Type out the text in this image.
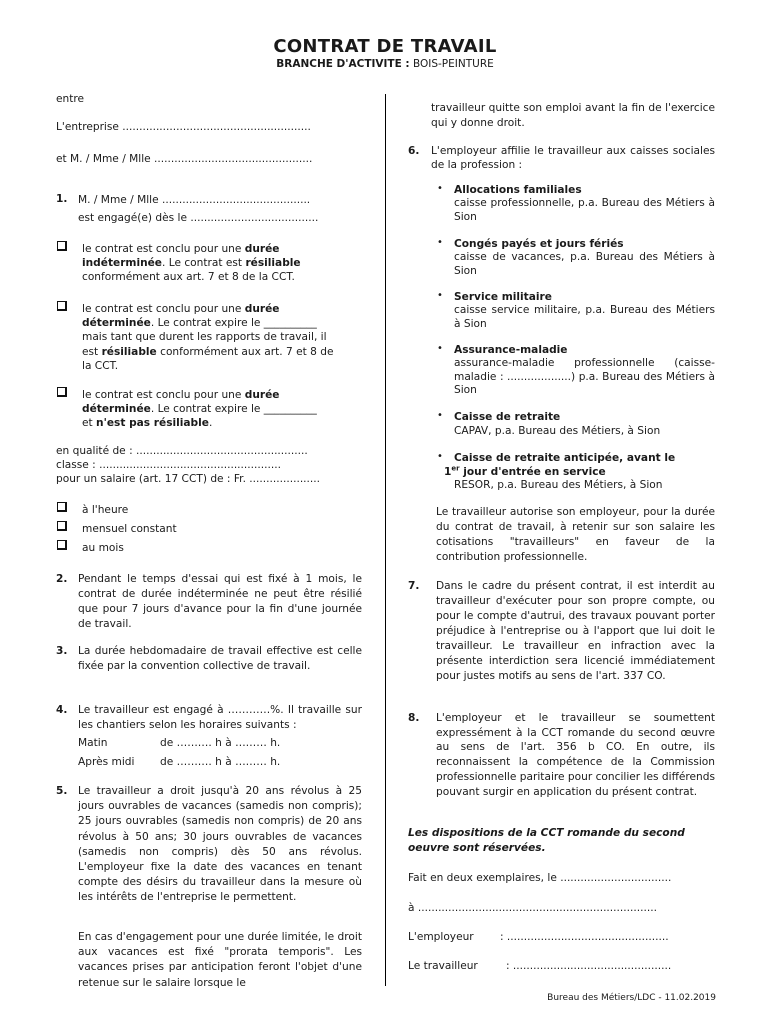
CONTRAT DE TRAVAIL
BRANCHE D'ACTIVITE : BOIS-PEINTURE
entre
L'entreprise ........................................................
et M. / Mme / Mlle ...............................................
1. M. / Mme / Mlle ............................................
est engagé(e) dès le ......................................
le contrat est conclu pour une durée
indéterminée. Le contrat est résiliable
conformément aux art. 7 et 8 de la CCT.
le contrat est conclu pour une durée
déterminée. Le contrat expire le __________
mais tant que durent les rapports de travail, il
est résiliable conformément aux art. 7 et 8 de
la CCT.
le contrat est conclu pour une durée
déterminée. Le contrat expire le __________
et n'est pas résiliable.
en qualité de : ...................................................
classe : ......................................................
pour un salaire (art. 17 CCT) de : Fr. .....................
à l'heure
mensuel constant
au mois
2. Pendant le temps d'essai qui est fixé à 1 mois, le contrat de durée indéterminée ne peut être résilié que pour 7 jours d'avance pour la fin d'une journée de travail.
3. La durée hebdomadaire de travail effective est celle fixée par la convention collective de travail.
4. Le travailleur est engagé à …………%. Il travaille sur les chantiers selon les horaires suivants :
Matin	de ………. h à ……… h.
Après midi de ………. h à ……… h.
5. Le travailleur a droit jusqu'à 20 ans révolus à 25 jours ouvrables de vacances (samedis non compris); 25 jours ouvrables (samedis non compris) de 20 ans révolus à 50 ans; 30 jours ouvrables de vacances (samedis non compris) dès 50 ans révolus. L'employeur fixe la date des vacances en tenant compte des désirs du travailleur dans la mesure où les intérêts de l'entreprise le permettent.
En cas d'engagement pour une durée limitée, le droit aux vacances est fixé "prorata temporis". Les vacances prises par anticipation feront l'objet d'une retenue sur le salaire lorsque le
travailleur quitte son emploi avant la fin de l'exercice qui y donne droit.
6. L'employeur affilie le travailleur aux caisses sociales de la profession :
• Allocations familiales
caisse professionnelle, p.a. Bureau des Métiers à Sion
• Congés payés et jours fériés
caisse de vacances, p.a. Bureau des Métiers à Sion
• Service militaire
caisse service militaire, p.a. Bureau des Métiers à Sion
• Assurance-maladie
assurance-maladie professionnelle (caisse-maladie : ...................) p.a. Bureau des Métiers à Sion
• Caisse de retraite
CAPAV, p.a. Bureau des Métiers, à Sion
• Caisse de retraite anticipée, avant le
1er jour d'entrée en service
RESOR, p.a. Bureau des Métiers, à Sion
Le travailleur autorise son employeur, pour la durée du contrat de travail, à retenir sur son salaire les cotisations "travailleurs" en faveur de la contribution professionnelle.
7. Dans le cadre du présent contrat, il est interdit au travailleur d'exécuter pour son propre compte, ou pour le compte d'autrui, des travaux pouvant porter préjudice à l'entreprise ou à l'apport que lui doit le travailleur. Le travailleur en infraction avec la présente interdiction sera licencié immédiatement pour justes motifs au sens de l'art. 337 CO.
8. L'employeur et le travailleur se soumettent expressément à la CCT romande du second œuvre au sens de l'art. 356 b CO. En outre, ils reconnaissent la compétence de la Commission professionnelle paritaire pour concilier les différends pouvant surgir en application du présent contrat.
Les dispositions de la CCT romande du second oeuvre sont réservées.
Fait en deux exemplaires, le .................................
à .......................................................................
L'employeur : ................................................
Le travailleur	: ...............................................
Bureau des Métiers/LDC - 11.02.2019
